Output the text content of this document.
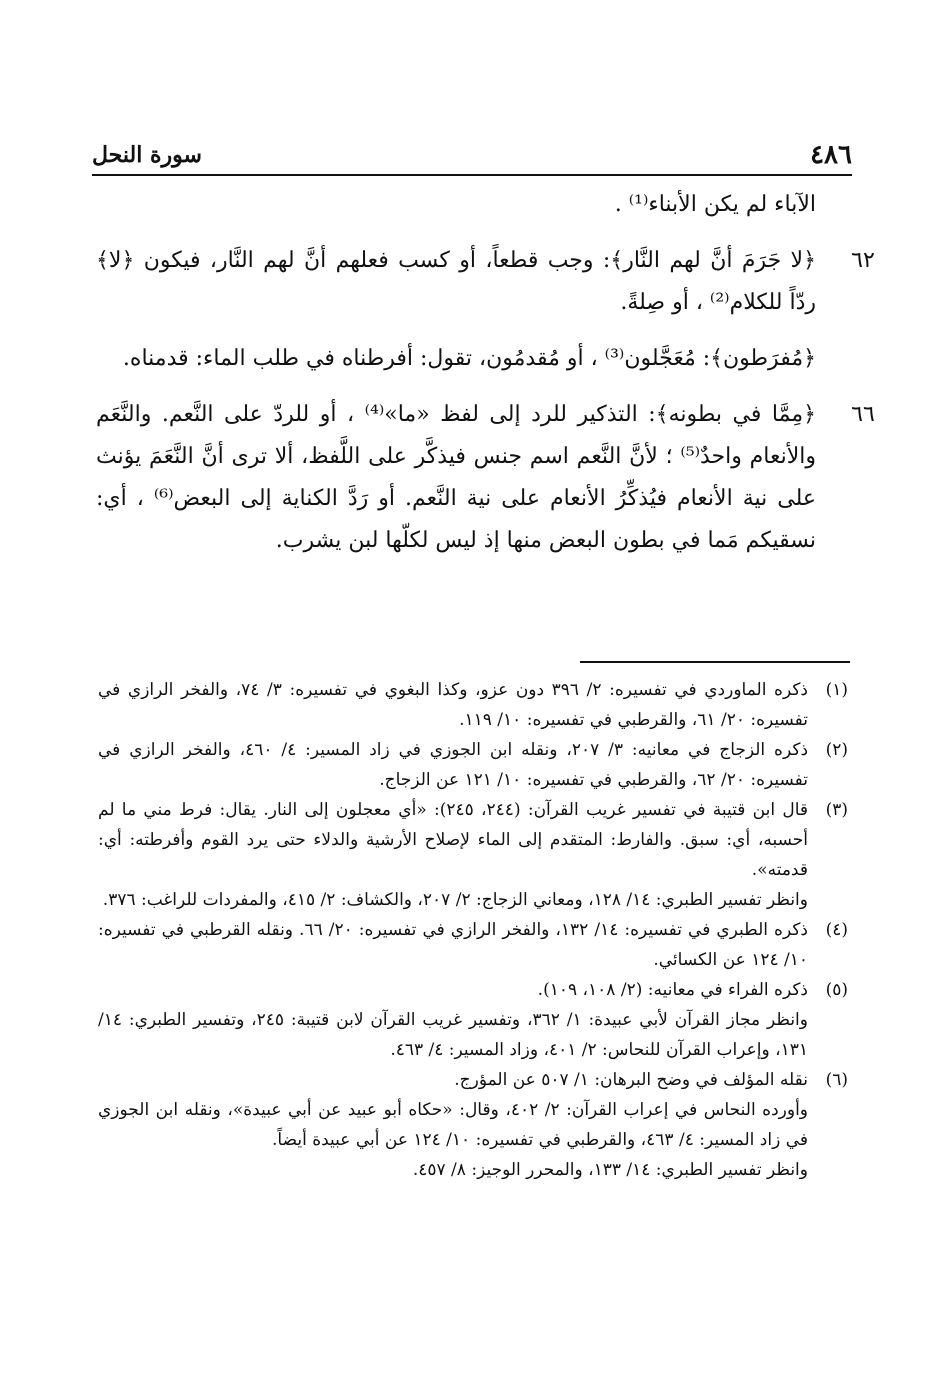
٤٨٦
سورة النحل

الآباء لم يكن الأبناء⁽¹⁾ .

٦٢

﴿لا جَرَمَ أنَّ لهم النَّار﴾: وجب قطعاً، أو كسب فعلهم أنَّ لهم النَّار، فيكون ﴿لا﴾ ردّاً للكلام⁽²⁾ ، أو صِلةً.

﴿مُفرَطون﴾: مُعَجَّلون⁽³⁾ ، أو مُقدمُون، تقول: أفرطناه في طلب الماء: قدمناه.

٦٦

﴿مِمَّا في بطونه﴾: التذكير للرد إلى لفظ «ما»⁽⁴⁾ ، أو للردّ على النَّعم. والنَّعَم والأنعام واحدٌ⁽⁵⁾ ؛ لأنَّ النَّعم اسم جنس فيذكَّر على اللَّفظ، ألا ترى أنَّ النَّعَمَ يؤنث على نية الأنعام فيُذكِّرُ الأنعام على نية النَّعم. أو رَدَّ الكناية إلى البعض⁽⁶⁾ ، أي: نسقيكم مَما في بطون البعض منها إذ ليس لكلّها لبن يشرب.

(١)

ذكره الماوردي في تفسيره: ٢/ ٣٩٦ دون عزو، وكذا البغوي في تفسيره: ٣/ ٧٤، والفخر الرازي في تفسيره: ٢٠/ ٦١، والقرطبي في تفسيره: ١٠/ ١١٩.

(٢)

ذكره الزجاج في معانيه: ٣/ ٢٠٧، ونقله ابن الجوزي في زاد المسير: ٤/ ٤٦٠، والفخر الرازي في تفسيره: ٢٠/ ٦٢، والقرطبي في تفسيره: ١٠/ ١٢١ عن الزجاج.

(٣)

قال ابن قتيبة في تفسير غريب القرآن: (٢٤٤، ٢٤٥): «أي معجلون إلى النار. يقال: فرط مني ما لم أحسبه، أي: سبق. والفارط: المتقدم إلى الماء لإصلاح الأرشية والدلاء حتى يرد القوم وأفرطته: أي: قدمته».

وانظر تفسير الطبري: ١٤/ ١٢٨، ومعاني الزجاج: ٢/ ٢٠٧، والكشاف: ٢/ ٤١٥، والمفردات للراغب: ٣٧٦.

(٤)

ذكره الطبري في تفسيره: ١٤/ ١٣٢، والفخر الرازي في تفسيره: ٢٠/ ٦٦. ونقله القرطبي في تفسيره: ١٠/ ١٢٤ عن الكسائي.

(٥)

ذكره الفراء في معانيه: (٢/ ١٠٨، ١٠٩).

وانظر مجاز القرآن لأبي عبيدة: ١/ ٣٦٢، وتفسير غريب القرآن لابن قتيبة: ٢٤٥، وتفسير الطبري: ١٤/ ١٣١، وإعراب القرآن للنحاس: ٢/ ٤٠١، وزاد المسير: ٤/ ٤٦٣.

(٦)

نقله المؤلف في وضح البرهان: ١/ ٥٠٧ عن المؤرج.

وأورده النحاس في إعراب القرآن: ٢/ ٤٠٢، وقال: «حكاه أبو عبيد عن أبي عبيدة»، ونقله ابن الجوزي في زاد المسير: ٤/ ٤٦٣، والقرطبي في تفسيره: ١٠/ ١٢٤ عن أبي عبيدة أيضاً.

وانظر تفسير الطبري: ١٤/ ١٣٣، والمحرر الوجيز: ٨/ ٤٥٧.
